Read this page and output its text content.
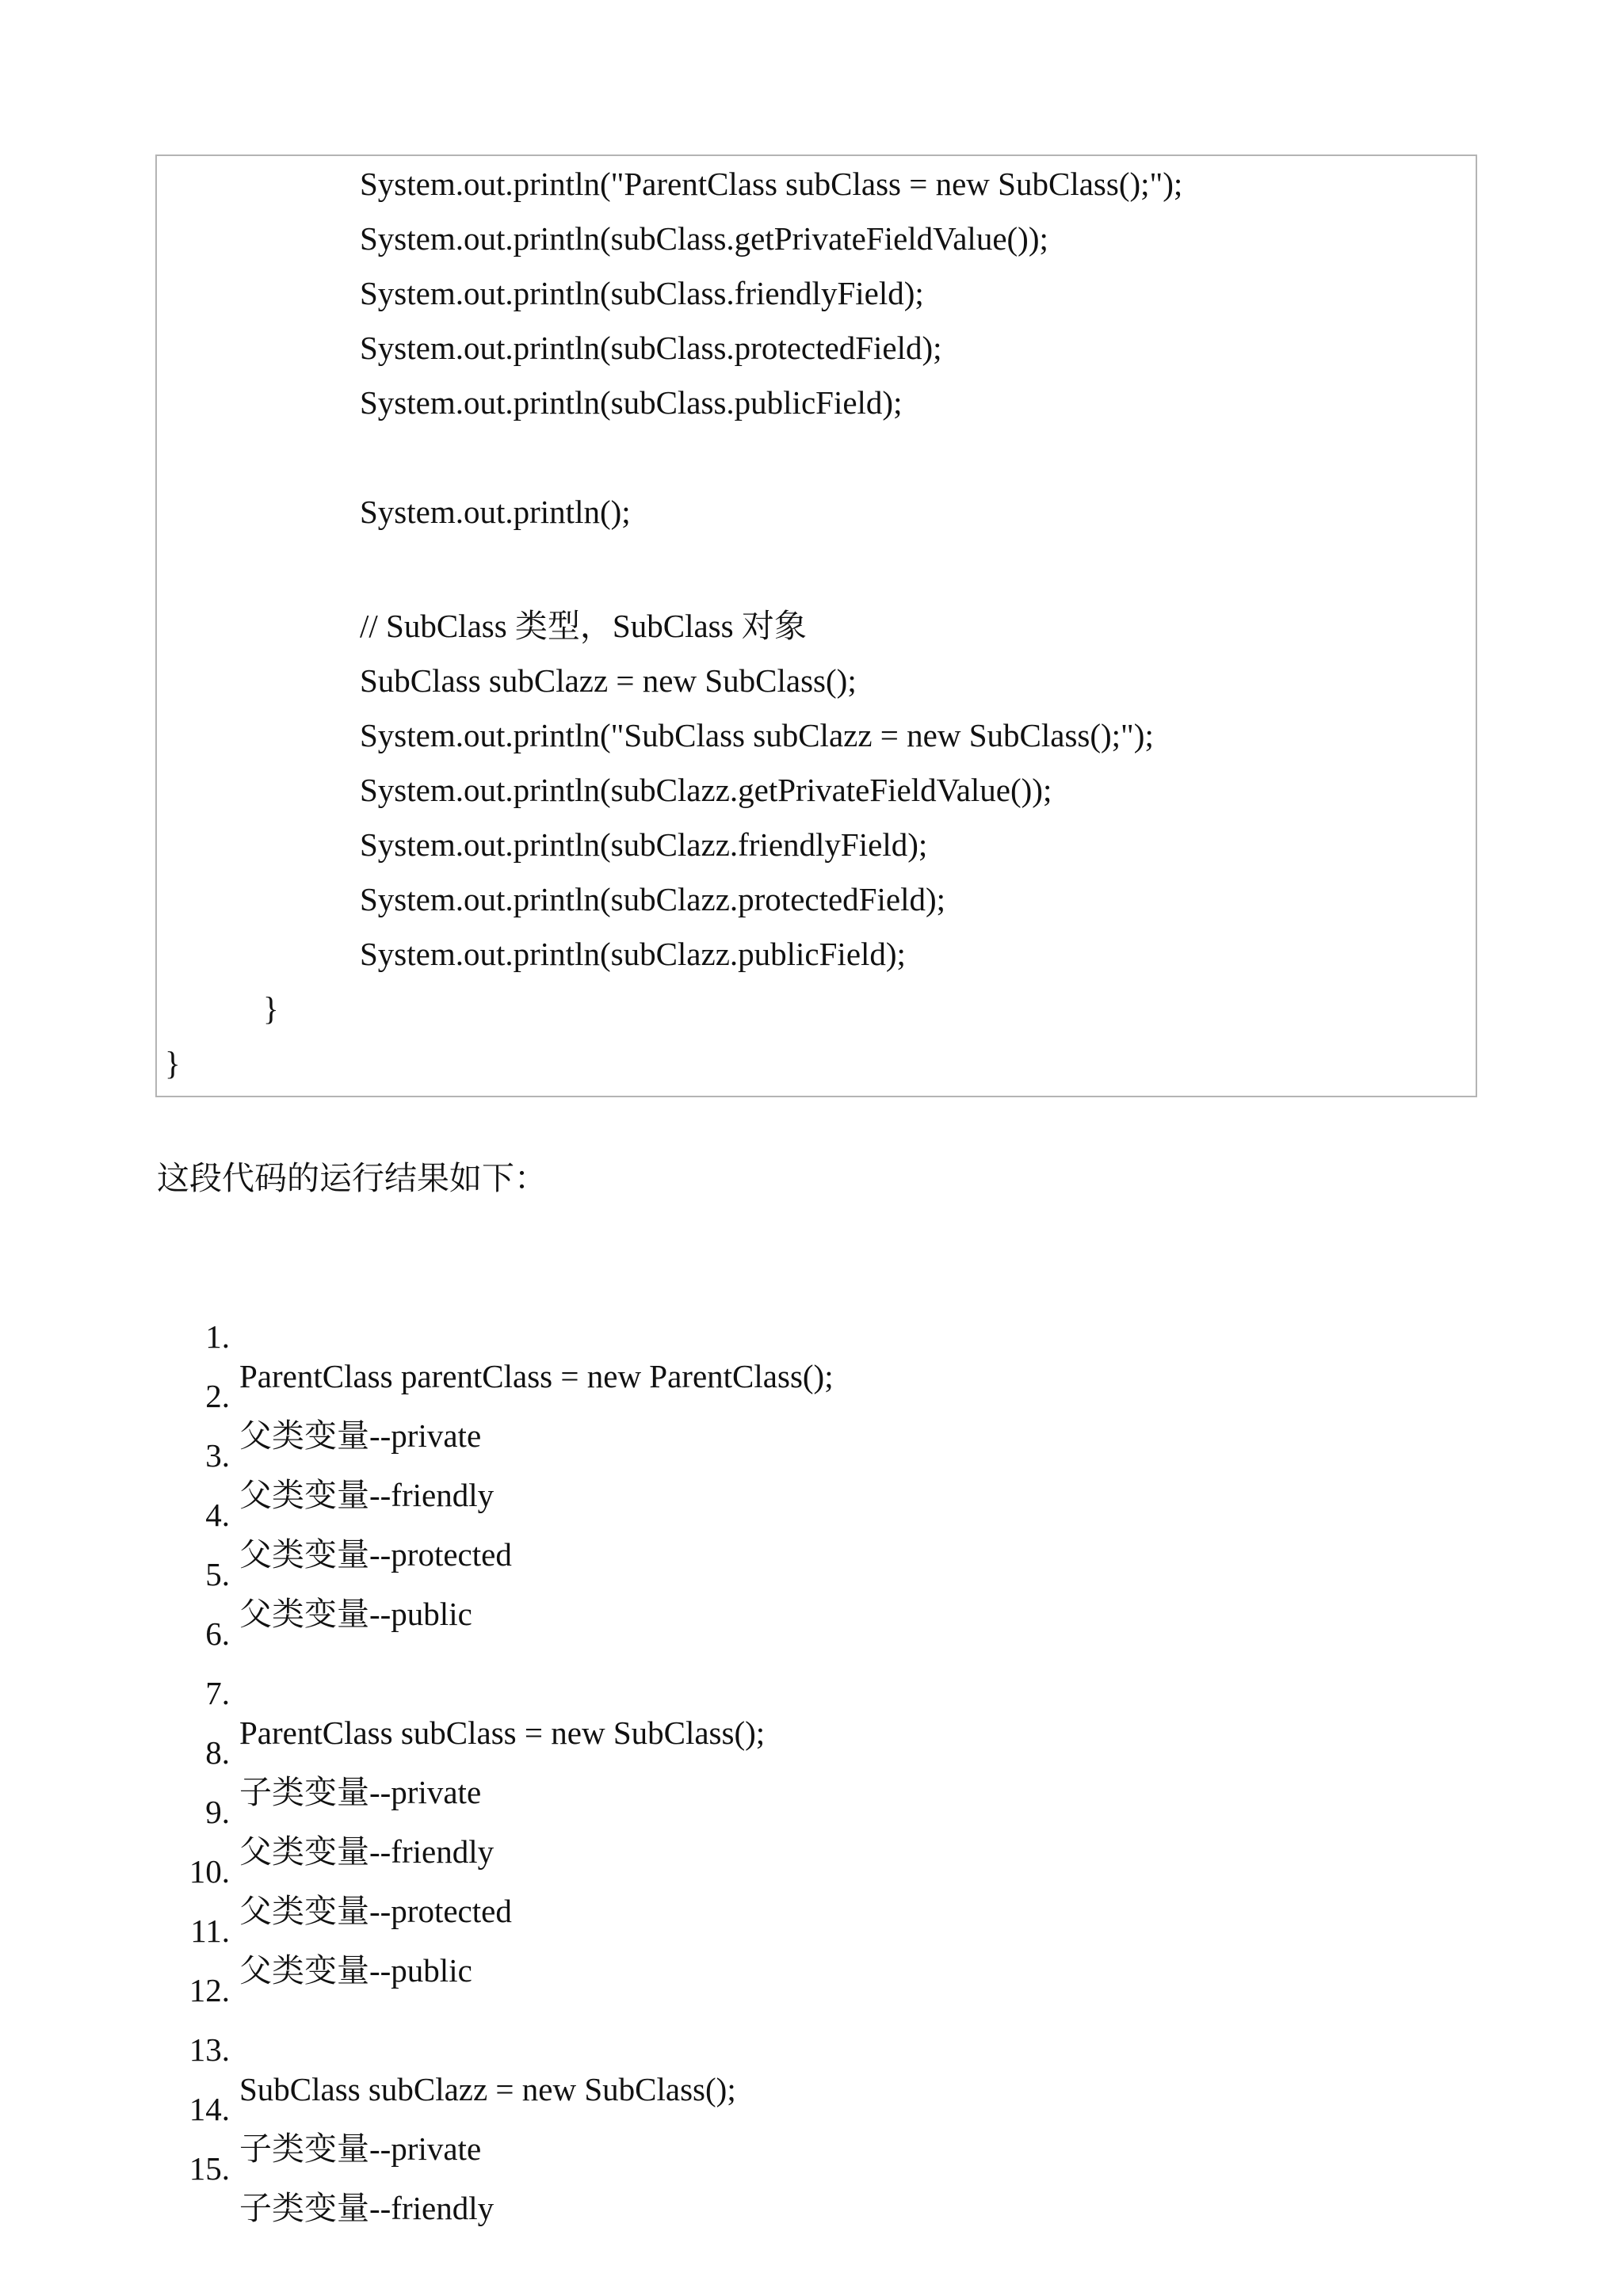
System.out.println("ParentClass subClass = new SubClass();");
System.out.println(subClass.getPrivateFieldValue());
System.out.println(subClass.friendlyField);
System.out.println(subClass.protectedField);
System.out.println(subClass.publicField);
System.out.println();
// SubClass 类型，SubClass 对象
SubClass subClazz = new SubClass();
System.out.println("SubClass subClazz = new SubClass();");
System.out.println(subClazz.getPrivateFieldValue());
System.out.println(subClazz.friendlyField);
System.out.println(subClazz.protectedField);
System.out.println(subClazz.publicField);
}
}
这段代码的运行结果如下：

1.

ParentClass parentClass = new ParentClass();

2.

父类变量--private

3.

父类变量--friendly

4.

父类变量--protected

5.

父类变量--public

6.

7.

ParentClass subClass = new SubClass();

8.

子类变量--private

9.

父类变量--friendly

10.

父类变量--protected

11.

父类变量--public

12.

13.

SubClass subClazz = new SubClass();

14.

子类变量--private

15.

子类变量--friendly
